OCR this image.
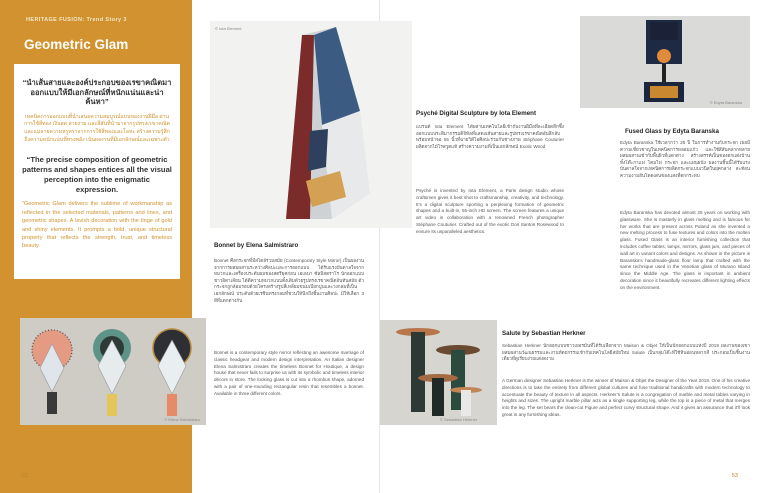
HERITAGE FUSION: Trend Story 3
Geometric Glam
“นำเส้นสายและองค์ประกอบของเรขาคณิตมาออกแบบให้มีเอกลักษณ์ที่หนักแน่นและน่าค้นหา”
เทคนิคการออกแบบที่นำเสนอความสมบูรณ์แบบของงานฝีมือ ผ่านการใช้สีทอง เงินสด สวยงาม และสีสันที่นำมาจากรูปทรงเรขาคณิตและแม่ลายความหรูหราจากการใช้สีทองและโลหะ สร้างความรู้สึกถึงความหนักแน่นที่ทรงพลัง เน้นผลงานที่มีเอกลักษณ์และเฉพาะตัว
“The precise composition of geometric patterns and shapes entices all the visual perception into the enigmatic expression.
“Geometric Glam delivers the sublime of workmanship as reflected in the selected materials, patterns and lines, and geometric shapes. A lavish decoration with the tinge of gold and shiny elements. It prompts a bold, unique structural property that reflects the strength, trust, and timeless beauty.
© Elena Salmistraro
Bonnet by Elena Salmistraro
Bonnet คือกระจกที่มีสไตล์ร่วมสมัย (Contemporary Style Mirror) เป็นผลงานจากการผสมผสานระหว่างศิลปะและการออกแบบ ได้รับแรงบันดาลใจจากหมวกและเครื่องประดับผมของสตรียุคก่อน เอเลนา ซัลมิสตราโร นักออกแบบชาวอิตาเลียน ได้ตีความหมวกแบบดั้งเดิมด้วยรูปทรงเรขาคณิตอันทันสมัย ตัวกระจกถูกล้อมรอบด้วยโครงสร้างรูปสี่เหลี่ยมขนมเปียกปูนและวงกลมที่เป็นเอกลักษณ์ ประดับด้วยเรซินทรงกลมที่ชวนให้นึกถึงชิ้นงานศิลปะ มีให้เลือก 3 สีที่แตกต่างกัน
Bonnet is a contemporary style mirror reflecting an awesome marriage of classic headgear and modern design interpretation. An Italian designer Elena Salmistraro creates the timeless Bonnet for Houtique, a design house that never fails to surprise us with its symbolic and timeless interior décors in store. The looking glass is cut into a rhombus shape, adorned with a pair of one-rounding rectangular resin that resembles a bonnet. Available in three different colors.
52
© Iota Element
Psyché Digital Sculpture by Iota Element
แบรนด์ Iota Element ได้ผสานเทคโนโลยีเข้ากับงานฝีมือที่ละเอียดลึกซึ้ง ออกแบบประติมากรรมดิจิทัลที่แสดงเส้นสายและรูปทรงเรขาคณิตอันลึกลับ พร้อมหน้าจอ 55 นิ้วที่ฉายวิดีโอศิลปะร่วมกับช่างภาพ Stéphane Couturier ผลิตจากไม้โรสวูดแท้ สร้างความงามที่เป็นเอกลักษณ์ Exotic Wood
Psyché is invented by Iota Element, a Paris design studio whose craftsmen gives it best shot to craftsmanship, creativity, and technology. It’s a digital sculpture sporting a perplexing formation of geometric shapes and a built-in, 55-inch HD screen. The screen features a unique art video in collaboration with a renowned French photographer Stéphane Couturier. Crafted out of the exotic Dos Santos Rosewood to ensure its unparalleled aesthetics.
© Edyta Baranska
Fused Glass by Edyta Baranska
Edyta Baranska ใช้เวลากว่า 25 ปี ในการทำงานกับกระจก เธอมีความเชี่ยวชาญในเทคนิคการหลอมแก้ว และใช้สีสันหลากหลายผสมผสานเข้ากับพื้นผิวที่แตกต่าง สร้างสรรค์เป็นของตกแต่งบ้าน ทั้งโต๊ะกาแฟ โคมไฟ กระจก และแผ่นผนัง ผลงานชิ้นนี้ได้รับแรงบันดาลใจจากเทคนิคการผลิตกระจกแบบเวนิสในยุคกลาง สะท้อนความงามอันโดดเด่นของแสงที่ตกกระทบ
Edyta Baranska has devoted almost 25 years on working with glassware. She is masterly in glass melting and is famous for her works that are present across Poland as she invented a new melting process to fuse textures and colors into the molten glass. Fused Glass is an interior furnishing collection that includes coffee tables, lamps, mirrors, glass jars, and pieces of wall art in variant colors and designs. As shown in the picture is Baranska’s handmade-glass floor lamp that crafted with the same technique used in the Venetian glass of Murano Island since the Middle Age. The glass is important in ambient decoration since it beautifully recreates different lighting effects on the environment.
© Sebastian Herkner
Salute by Sebastian Herkner
Sebastian Herkner นักออกแบบชาวเยอรมันที่ได้รับเลือกจาก Maison & Objet ให้เป็นนักออกแบบแห่งปี 2019 ผลงานของเขาผสมผสานวัฒนธรรมและงานหัตถกรรมเข้ากับเทคโนโลยีสมัยใหม่ Salute เป็นกลุ่มโต๊ะที่ใช้หินอ่อนหลากสี ประกอบเป็นชิ้นงานเดียวที่ดูเรียบง่ายแต่งดงาม
A German designer Sebastian Herkner is the winner of Maison & Objet the Designer of the Year 2019. One of his creative directions is to take the entirety from different global cultures and fuse traditional handicrafts with modern technology to accentuate the beauty of texture in all aspects. Herkner’s Salute is a congregation of marble and metal tables varying in heights and sizes. The upright marble pillar acts as a single supporting leg, while the top is a piece of metal that merges into the leg. The set bears the clean-cut Figure and perfect curvy structural shape. And it gives an assurance that it’ll look great in any furnishing ideas.
53
